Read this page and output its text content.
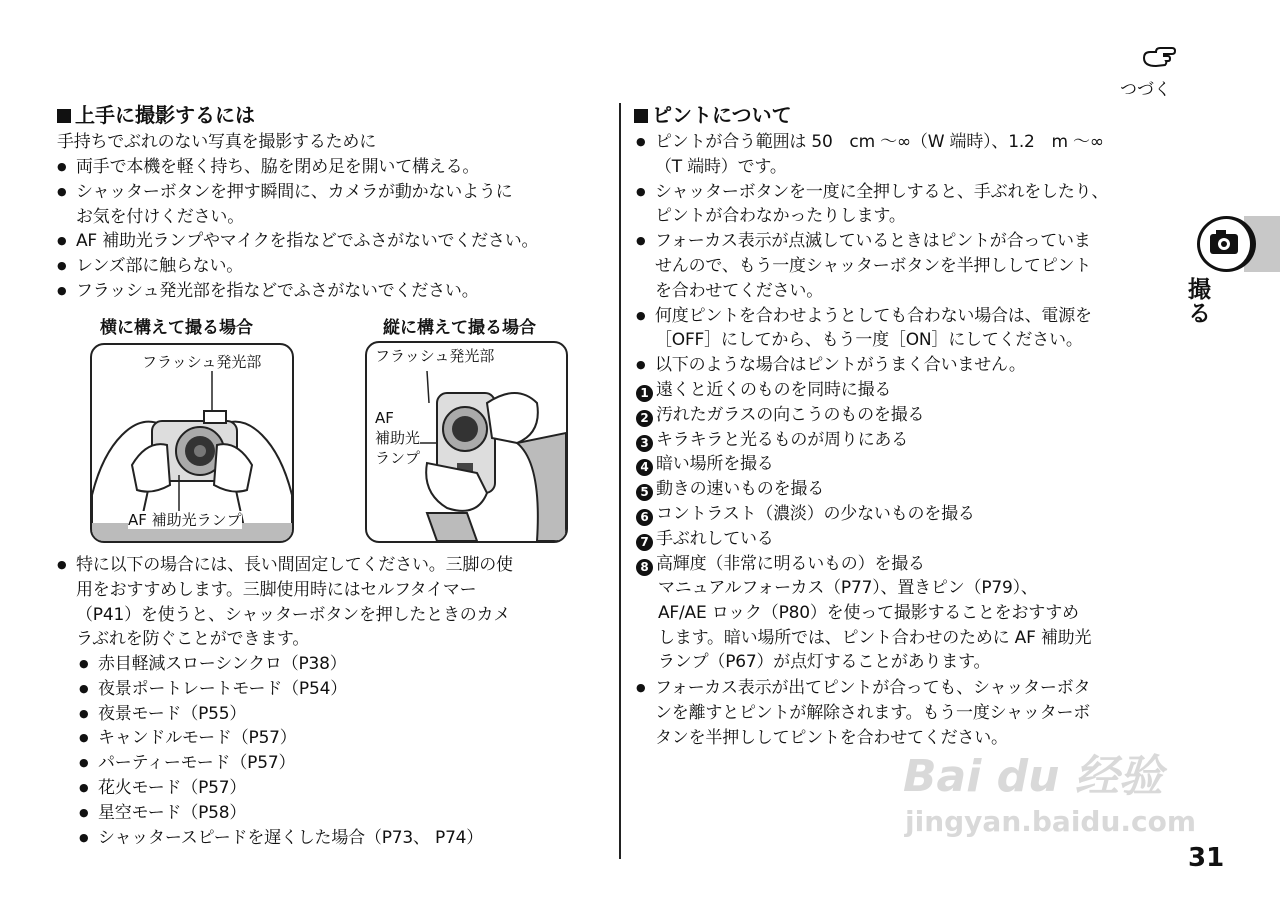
つづく
上手に撮影するには
手持ちでぶれのない写真を撮影するために
●両手で本機を軽く持ち、脇を閉め足を開いて構える。
●シャッターボタンを押す瞬間に、カメラが動かないように
お気を付けください。
●AF 補助光ランプやマイクを指などでふさがないでください。
●レンズ部に触らない。
●フラッシュ発光部を指などでふさがないでください。
横に構えて撮る場合	縦に構えて撮る場合
フラッシュ発光部
AF 補助光ランプ
フラッシュ発光部
AF
補助光
ランプ
●特に以下の場合には、長い間固定してください。三脚の使
用をおすすめします。三脚使用時にはセルフタイマー
（P41）を使うと、シャッターボタンを押したときのカメ
ラぶれを防ぐことができます。
●赤目軽減スローシンクロ（P38）
●夜景ポートレートモード（P54）
●夜景モード（P55）
●キャンドルモード（P57）
●パーティーモード（P57）
●花火モード（P57）
●星空モード（P58）
●シャッタースピードを遅くした場合（P73、 P74）
ピントについて
●ピントが合う範囲は 50　cm ～∞（W 端時）、1.2　m ～∞
（T 端時）です。
●シャッターボタンを一度に全押しすると、手ぶれをしたり、
ピントが合わなかったりします。
●フォーカス表示が点滅しているときはピントが合っていま
せんので、もう一度シャッターボタンを半押ししてピント
を合わせてください。
●何度ピントを合わせようとしても合わない場合は、電源を
［OFF］にしてから、もう一度［ON］にしてください。
●以下のような場合はピントがうまく合いません。
1 遠くと近くのものを同時に撮る
2 汚れたガラスの向こうのものを撮る
3 キラキラと光るものが周りにある
4 暗い場所を撮る
5 動きの速いものを撮る
6 コントラスト（濃淡）の少ないものを撮る
7 手ぶれしている
8 高輝度（非常に明るいもの）を撮る
マニュアルフォーカス（P77）、置きピン（P79）、
AF/AE ロック（P80）を使って撮影することをおすすめ
します。暗い場所では、ピント合わせのために AF 補助光
ランプ（P67）が点灯することがあります。
●フォーカス表示が出てピントが合っても、シャッターボタ
ンを離すとピントが解除されます。もう一度シャッターボ
タンを半押ししてピントを合わせてください。
撮る
Bai du 经验
jingyan.baidu.com
31
